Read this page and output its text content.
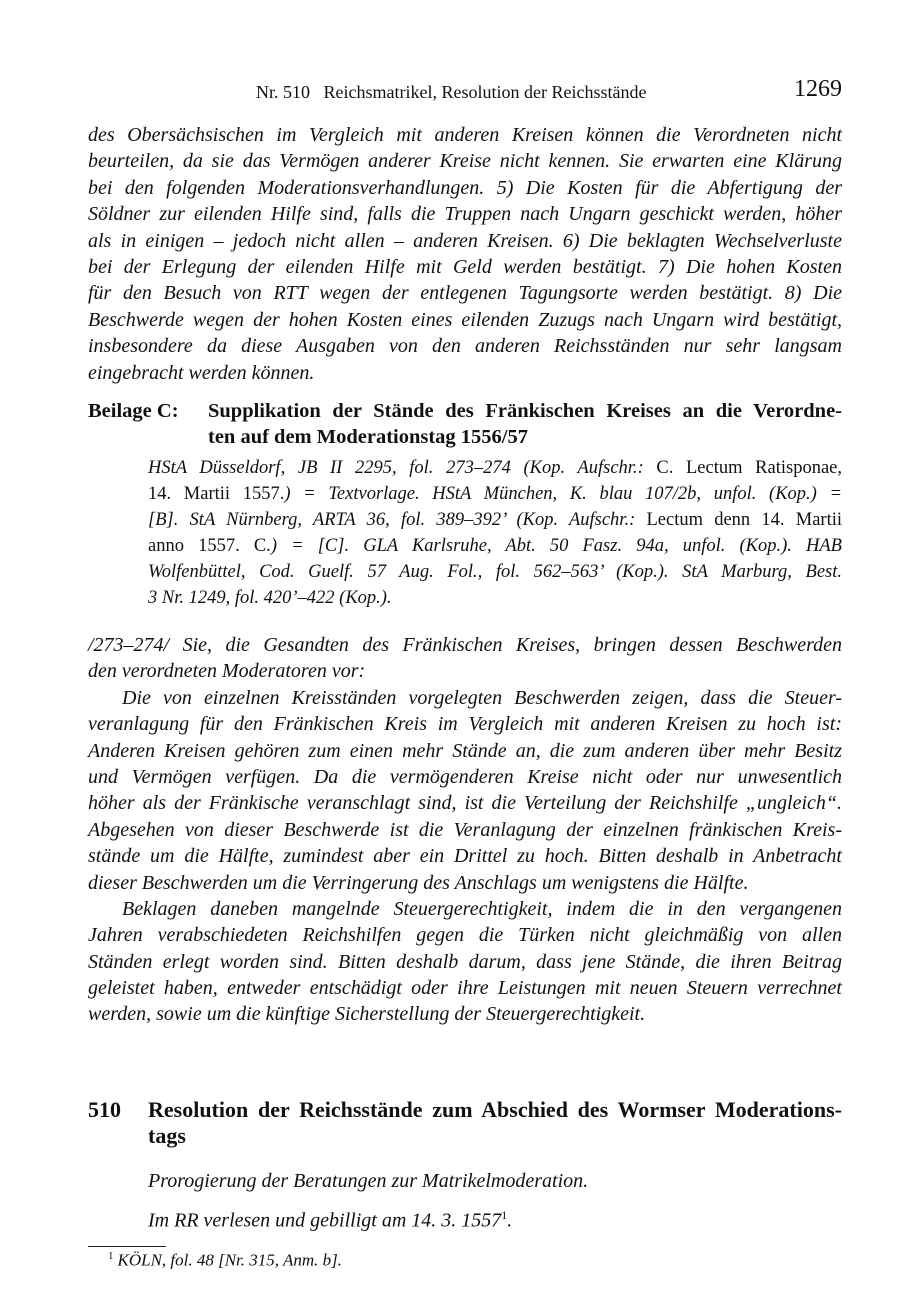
Nr. 510   Reichsmatrikel, Resolution der Reichsstände	1269
des Obersächsischen im Vergleich mit anderen Kreisen können die Verordneten nicht
beurteilen, da sie das Vermögen anderer Kreise nicht kennen. Sie erwarten eine Klärung
bei den folgenden Moderationsverhandlungen. 5) Die Kosten für die Abfertigung der
Söldner zur eilenden Hilfe sind, falls die Truppen nach Ungarn geschickt werden, höher
als in einigen – jedoch nicht allen – anderen Kreisen. 6) Die beklagten Wechselverluste
bei der Erlegung der eilenden Hilfe mit Geld werden bestätigt. 7) Die hohen Kosten
für den Besuch von RTT wegen der entlegenen Tagungsorte werden bestätigt. 8) Die
Beschwerde wegen der hohen Kosten eines eilenden Zuzugs nach Ungarn wird bestätigt,
insbesondere da diese Ausgaben von den anderen Reichsständen nur sehr langsam
eingebracht werden können.
Beilage C: Supplikation der Stände des Fränkischen Kreises an die Verordne-
ten auf dem Moderationstag 1556/57
HStA Düsseldorf, JB II 2295, fol. 273–274 (Kop. Aufschr.: C. Lectum Ratisponae,
14. Martii 1557.) = Textvorlage. HStA München, K. blau 107/2b, unfol. (Kop.) =
[B]. StA Nürnberg, ARTA 36, fol. 389–392’ (Kop. Aufschr.: Lectum denn 14. Martii
anno 1557. C.) = [C]. GLA Karlsruhe, Abt. 50 Fasz. 94a, unfol. (Kop.). HAB
Wolfenbüttel, Cod. Guelf. 57 Aug. Fol., fol. 562–563’ (Kop.). StA Marburg, Best.
3 Nr. 1249, fol. 420’–422 (Kop.).
/273–274/ Sie, die Gesandten des Fränkischen Kreises, bringen dessen Beschwerden
den verordneten Moderatoren vor:
Die von einzelnen Kreisständen vorgelegten Beschwerden zeigen, dass die Steuer-
veranlagung für den Fränkischen Kreis im Vergleich mit anderen Kreisen zu hoch ist:
Anderen Kreisen gehören zum einen mehr Stände an, die zum anderen über mehr Besitz
und Vermögen verfügen. Da die vermögenderen Kreise nicht oder nur unwesentlich
höher als der Fränkische veranschlagt sind, ist die Verteilung der Reichshilfe „ungleich“.
Abgesehen von dieser Beschwerde ist die Veranlagung der einzelnen fränkischen Kreis-
stände um die Hälfte, zumindest aber ein Drittel zu hoch. Bitten deshalb in Anbetracht
dieser Beschwerden um die Verringerung des Anschlags um wenigstens die Hälfte.
Beklagen daneben mangelnde Steuergerechtigkeit, indem die in den vergangenen
Jahren verabschiedeten Reichshilfen gegen die Türken nicht gleichmäßig von allen
Ständen erlegt worden sind. Bitten deshalb darum, dass jene Stände, die ihren Beitrag
geleistet haben, entweder entschädigt oder ihre Leistungen mit neuen Steuern verrechnet
werden, sowie um die künftige Sicherstellung der Steuergerechtigkeit.
510 Resolution der Reichsstände zum Abschied des Wormser Moderations-
tags
Prorogierung der Beratungen zur Matrikelmoderation.
Im RR verlesen und gebilligt am 14. 3. 1557$^1$.
$^1$ KÖLN, fol. 48 [Nr. 315, Anm. b].
